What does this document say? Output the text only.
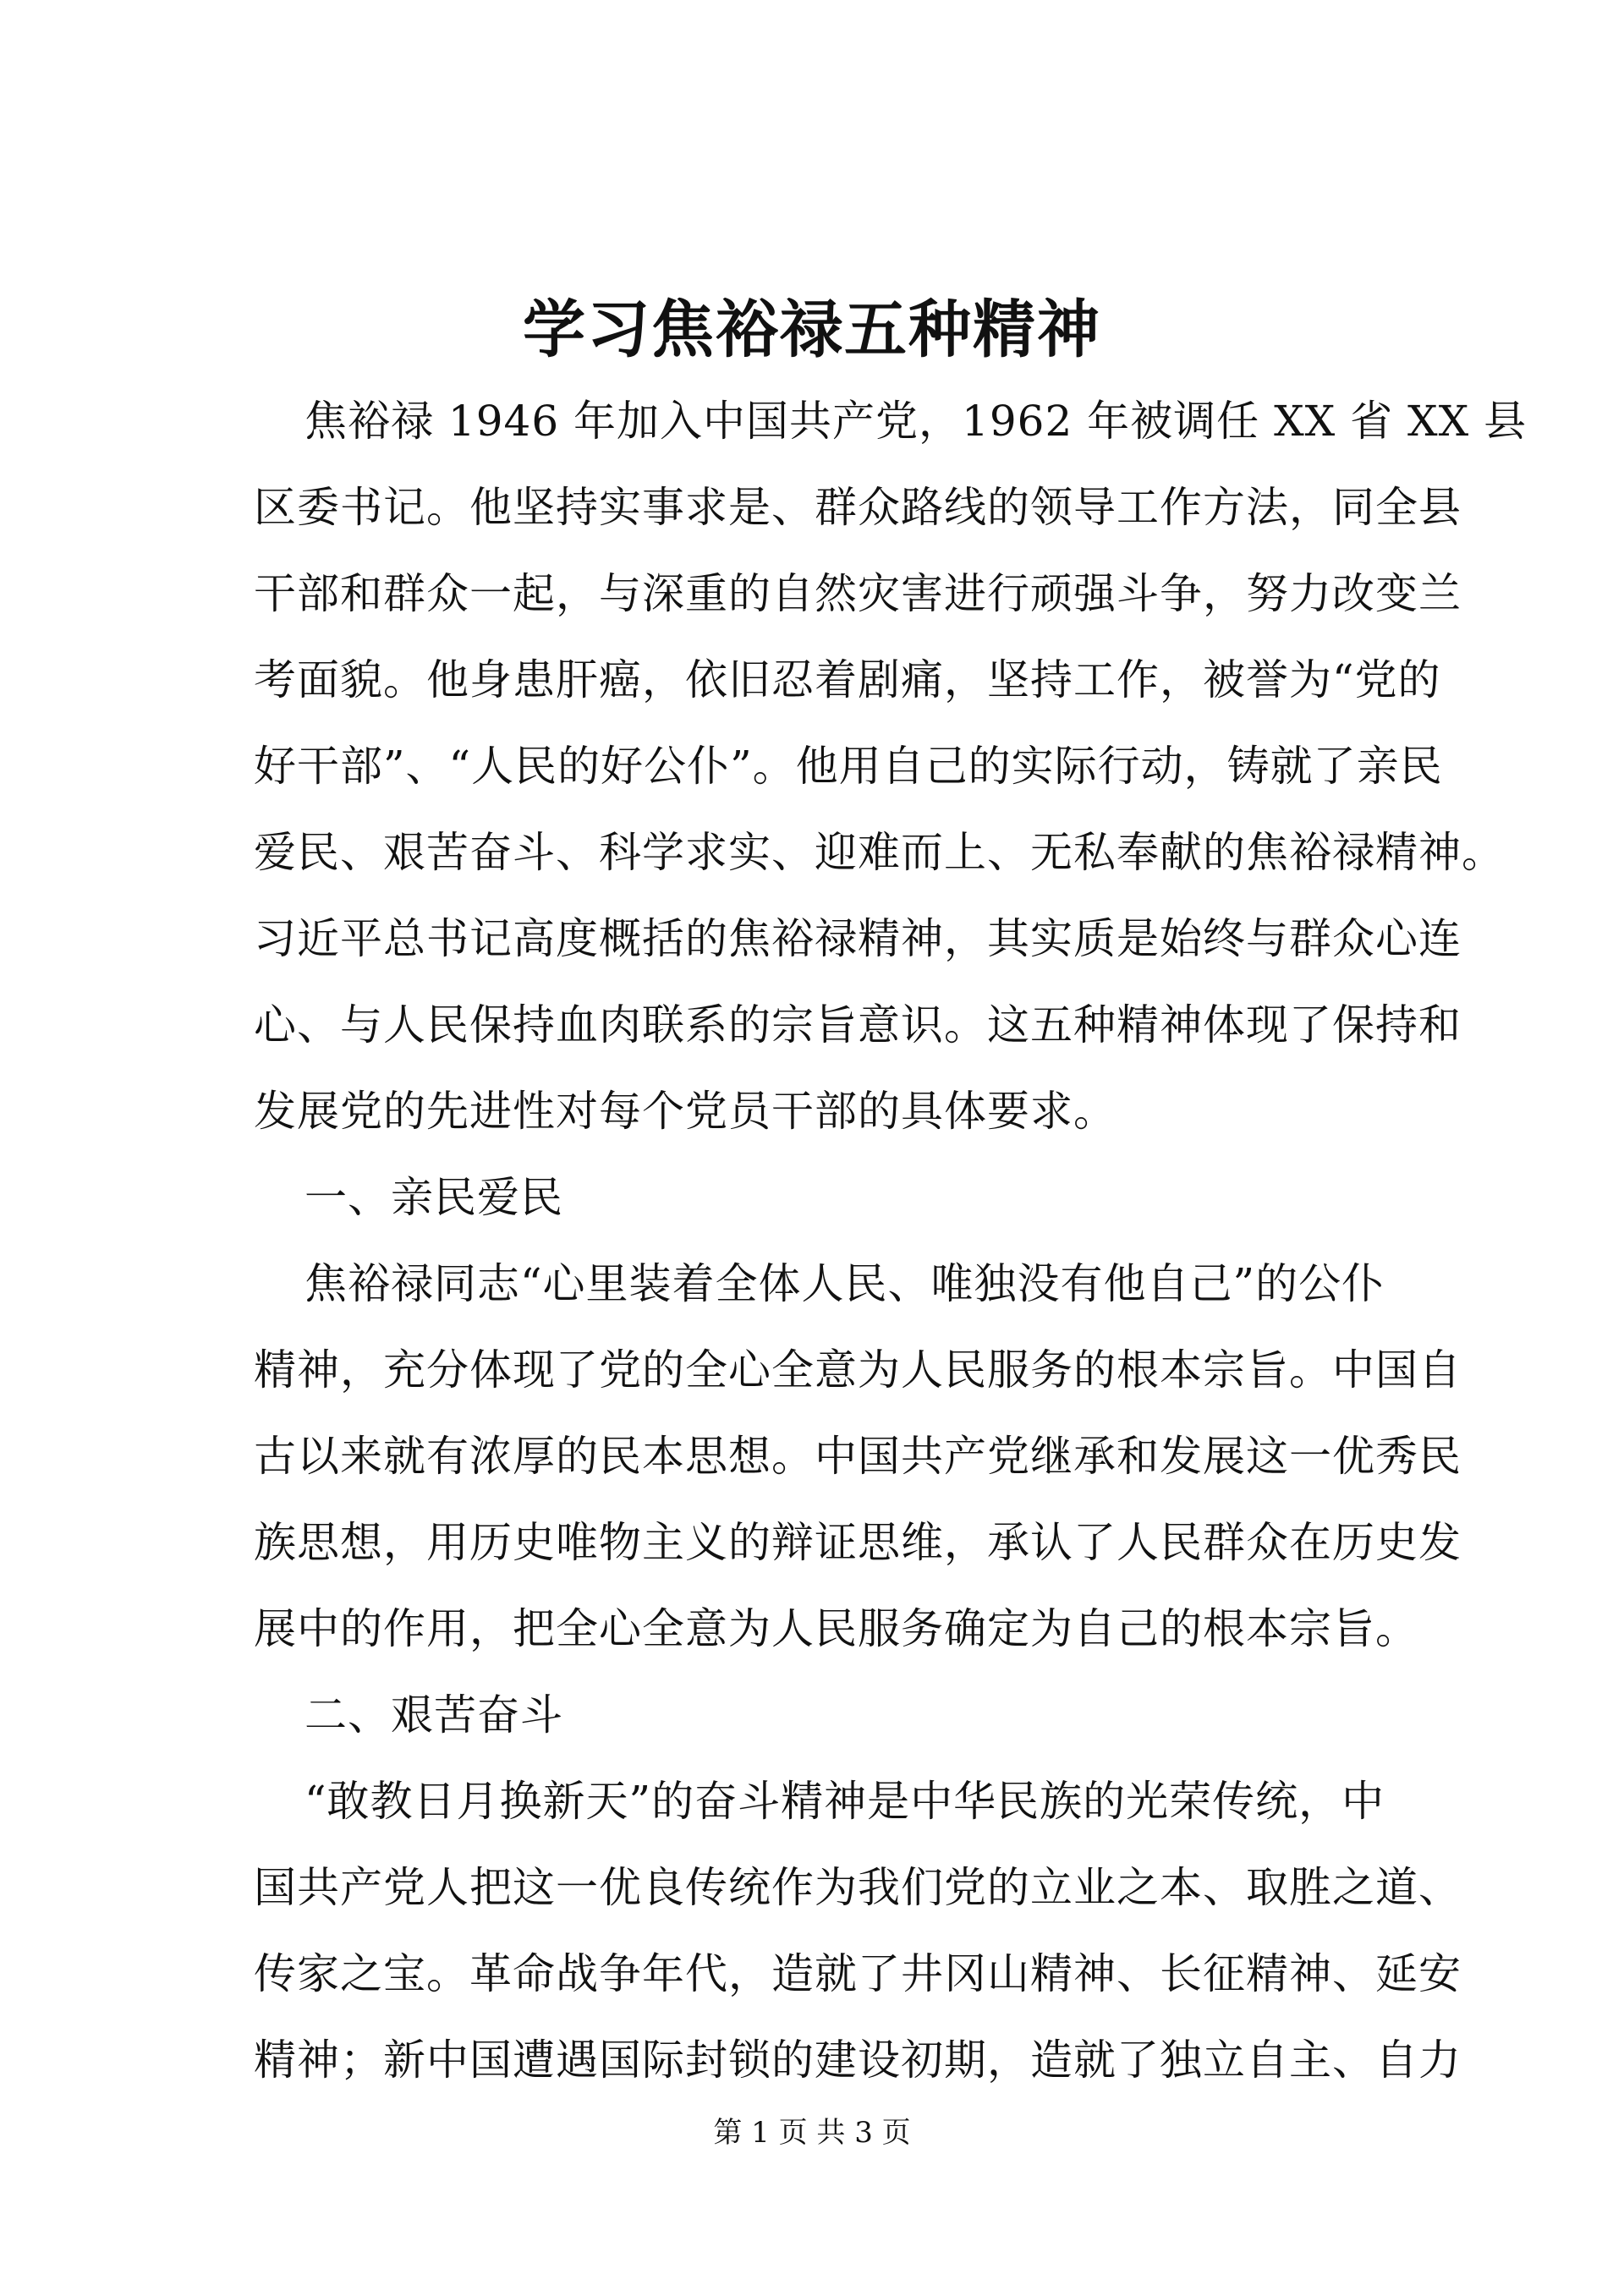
学习焦裕禄五种精神

焦裕禄 1946 年加入中国共产党，1962 年被调任 XX 省 XX 县

区委书记。他坚持实事求是、群众路线的领导工作方法，同全县

干部和群众一起，与深重的自然灾害进行顽强斗争，努力改变兰

考面貌。他身患肝癌，依旧忍着剧痛，坚持工作，被誉为“党的

好干部”、“人民的好公仆”。他用自己的实际行动，铸就了亲民

爱民、艰苦奋斗、科学求实、迎难而上、无私奉献的焦裕禄精神。

习近平总书记高度概括的焦裕禄精神，其实质是始终与群众心连

心、与人民保持血肉联系的宗旨意识。这五种精神体现了保持和

发展党的先进性对每个党员干部的具体要求。

一、亲民爱民

焦裕禄同志“心里装着全体人民、唯独没有他自己”的公仆

精神，充分体现了党的全心全意为人民服务的根本宗旨。中国自

古以来就有浓厚的民本思想。中国共产党继承和发展这一优秀民

族思想，用历史唯物主义的辩证思维，承认了人民群众在历史发

展中的作用，把全心全意为人民服务确定为自己的根本宗旨。

二、艰苦奋斗

“敢教日月换新天”的奋斗精神是中华民族的光荣传统，中

国共产党人把这一优良传统作为我们党的立业之本、取胜之道、

传家之宝。革命战争年代，造就了井冈山精神、长征精神、延安

精神；新中国遭遇国际封锁的建设初期，造就了独立自主、自力

第 1 页 共 3 页
